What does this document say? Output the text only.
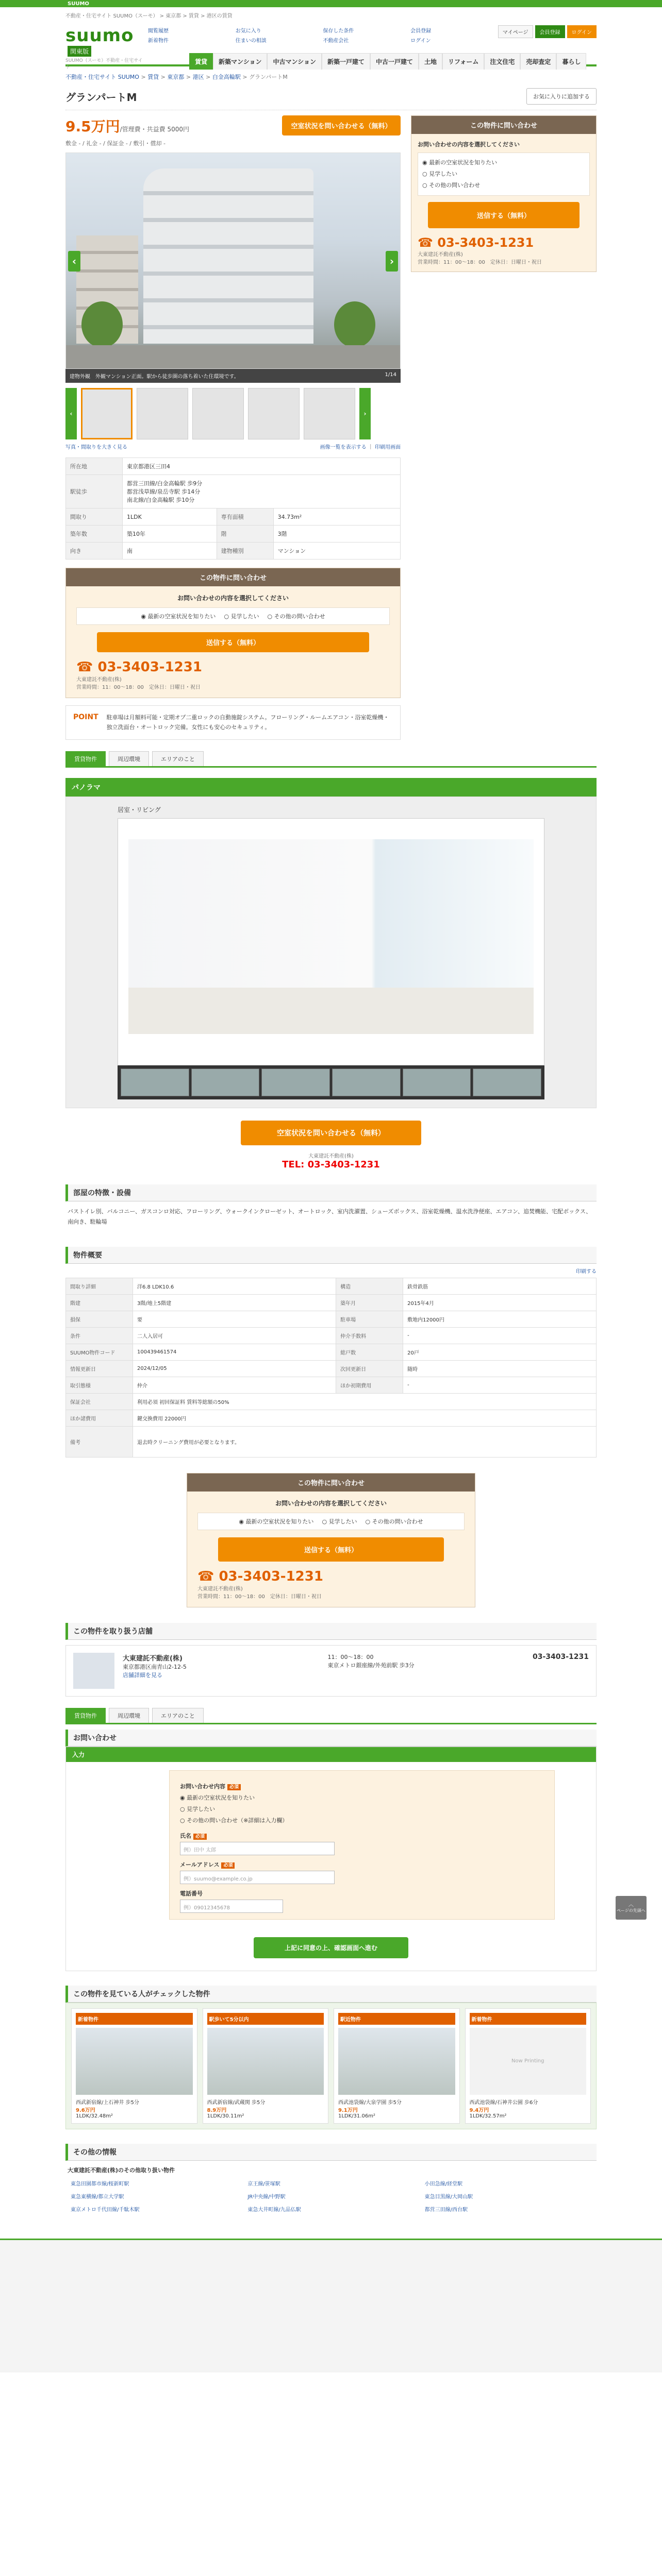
SUUMO
不動産・住宅サイト SUUMO（スーモ） > 東京都 > 賃貸 > 港区の賃貸
suumo 関東版
SUUMO（スーモ）不動産・住宅サイト
閲覧履歴	お気に入り	保存した条件	会員登録
新着物件	住まいの相談	不動産会社	ログイン
マイページ	会員登録	ログイン
賃貸	新築マンション	中古マンション	新築一戸建て	中古一戸建て	土地	リフォーム	注文住宅	売却査定	暮らし
不動産・住宅サイト SUUMO > 賃貸 > 東京都 > 港区 > 白金高輪駅 > グランパートM
グランパートM	お気に入りに追加する
9.5万円/管理費・共益費 5000円
敷金 - / 礼金 - / 保証金 - / 敷引・償却 -
空室状況を問い合わせる（無料）
‹	›
建物外観　外観マンション正面。駅から徒歩圏の落ち着いた住環境です。	1/14
‹	›
写真・間取りを大きく見る	画像一覧を表示する ｜ 印刷用画面
所在地	東京都港区三田4		
駅徒歩	都営三田線/白金高輪駅 歩9分
都営浅草線/泉岳寺駅 歩14分
南北線/白金高輪駅 歩10分		
間取り	1LDK	専有面積	34.73m²
築年数	築10年	階	3階
向き	南	建物種別	マンション
この物件に問い合わせ
お問い合わせの内容を選択してください
◉ 最新の空室状況を知りたい ○ 見学したい ○ その他の問い合わせ
送信する（無料）
☎ 03-3403-1231
大東建託不動産(株)
営業時間：11：00〜18：00　定休日：日曜日・祝日
POINT 駐車場は月額料可能・定期オプ二重ロックの自動施錠システム。フローリング・ルームエアコン・浴室乾燥機・独立洗面台・オートロック完備。女性にも安心のセキュリティ。
この物件に問い合わせ
お問い合わせの内容を選択してください
◉ 最新の空室状況を知りたい
○ 見学したい
○ その他の問い合わせ
送信する（無料）
☎ 03-3403-1231
大東建託不動産(株)
営業時間：11：00〜18：00　定休日：日曜日・祝日
賃貸物件	周辺環境	エリアのこと
パノラマ
居室・リビング
空室状況を問い合わせる（無料）
大東建託不動産(株)
TEL: 03-3403-1231
部屋の特徴・設備
バストイレ別、バルコニー、ガスコンロ対応、フローリング、ウォークインクローゼット、オートロック、室内洗濯置、シューズボックス、浴室乾燥機、温水洗浄便座、エアコン、追焚機能、宅配ボックス、南向き、駐輪場
物件概要
印刷する
間取り詳細	洋6.8 LDK10.6	構造	鉄骨鉄筋
階建	3階/地上5階建	築年月	2015年4月
損保	要	駐車場	敷地内12000円
条件	二人入居可	仲介手数料	-
SUUMO物件コード	100439461574	総戸数	20戸
情報更新日	2024/12/05	次回更新日	随時
取引態様	仲介	ほか初期費用	-
保証会社	利用必須 初回保証料 賃料等総額の50%		
ほか諸費用	鍵交換費用 22000円		
備考	退去時クリーニング費用が必要となります。		
この物件に問い合わせ
お問い合わせの内容を選択してください
◉ 最新の空室状況を知りたい ○ 見学したい ○ その他の問い合わせ
送信する（無料）
☎ 03-3403-1231
大東建託不動産(株)
営業時間：11：00〜18：00　定休日：日曜日・祝日
この物件を取り扱う店舗
大東建託不動産(株)
東京都港区南青山2-12-5
店舗詳細を見る
11：00〜18：00
東京メトロ銀座線/外苑前駅 歩3分
03-3403-1231
賃貸物件	周辺環境	エリアのこと
お問い合わせ
入力
お問い合わせ内容 必須
◉ 最新の空室状況を知りたい
○ 見学したい
○ その他の問い合わせ（※詳細は入力欄）
氏名 必須
例）田中 太郎
メールアドレス 必須
例）suumo@example.co.jp
電話番号
例）09012345678
上記に同意の上、確認画面へ進む
この物件を見ている人がチェックした物件
新着物件
西武新宿線/上石神井 歩5分
9.6万円
1LDK/32.48m²
駅歩いて5分以内
西武新宿線/武蔵関 歩5分
8.9万円
1LDK/30.11m²
駅近物件
西武池袋線/大泉学園 歩5分
9.1万円
1LDK/31.06m²
新着物件
Now Printing
西武池袋線/石神井公園 歩6分
9.4万円
1LDK/32.57m²
その他の情報
大東建託不動産(株)のその他取り扱い物件
東急田園都市線/桜新町駅	京王線/笹塚駅	小田急線/経堂駅
東急東横線/都立大学駅	JR中央線/中野駅	東急目黒線/大岡山駅
東京メトロ千代田線/千駄木駅	東急大井町線/九品仏駅	都営三田線/西台駅
︿
ページの先頭へ
